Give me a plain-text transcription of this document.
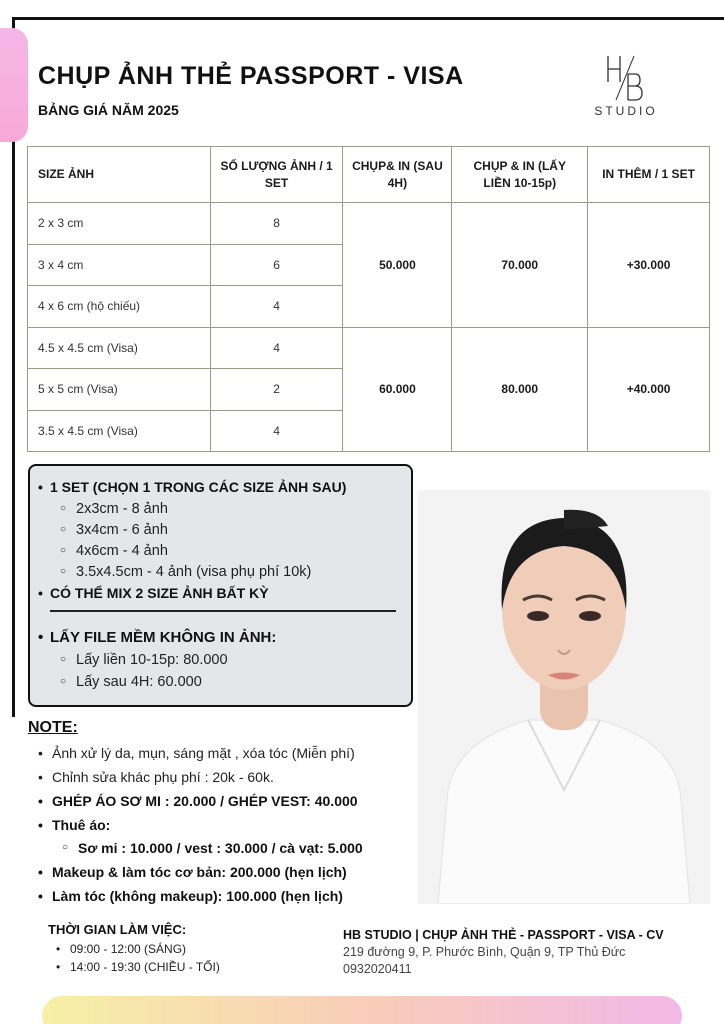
CHỤP ẢNH THẺ PASSPORT - VISA
BẢNG GIÁ NĂM 2025	STUDIO
SIZE ẢNH	SỐ LƯỢNG ẢNH / 1 SET	CHỤP& IN (SAU 4H)	CHỤP & IN (LẤY LIỀN 10-15p)	IN THÊM / 1 SET
2 x 3 cm	8	50.000	70.000	+30.000
3 x 4 cm	6			
4 x 6 cm (hộ chiếu)	4			
4.5 x 4.5 cm (Visa)	4	60.000	80.000	+40.000
5 x 5 cm (Visa)	2			
3.5 x 4.5 cm (Visa)	4			
• 1 SET (CHỌN 1 TRONG CÁC SIZE ẢNH SAU)
○ 2x3cm - 8 ảnh
○ 3x4cm - 6 ảnh
○ 4x6cm - 4 ảnh
○ 3.5x4.5cm - 4 ảnh (visa phụ phí 10k)
• CÓ THỂ MIX 2 SIZE ẢNH BẤT KỲ
• LẤY FILE MỀM KHÔNG IN ẢNH:
○ Lấy liền 10-15p: 80.000
○ Lấy sau 4H: 60.000
NOTE:
• Ảnh xử lý da, mụn, sáng mặt , xóa tóc (Miễn phí)
• Chỉnh sửa khác phụ phí : 20k - 60k.
• GHÉP ÁO SƠ MI : 20.000 / GHÉP VEST: 40.000
• Thuê áo:
○ Sơ mi : 10.000 / vest : 30.000 / cà vạt: 5.000
• Makeup & làm tóc cơ bản: 200.000 (hẹn lịch)
• Làm tóc (không makeup): 100.000 (hẹn lịch)
THỜI GIAN LÀM VIỆC:
• 09:00 - 12:00 (SÁNG)
• 14:00 - 19:30 (CHIỀU - TỐI)
HB STUDIO | CHỤP ẢNH THẺ - PASSPORT - VISA - CV
219 đường 9, P. Phước Bình, Quận 9, TP Thủ Đức
0932020411
